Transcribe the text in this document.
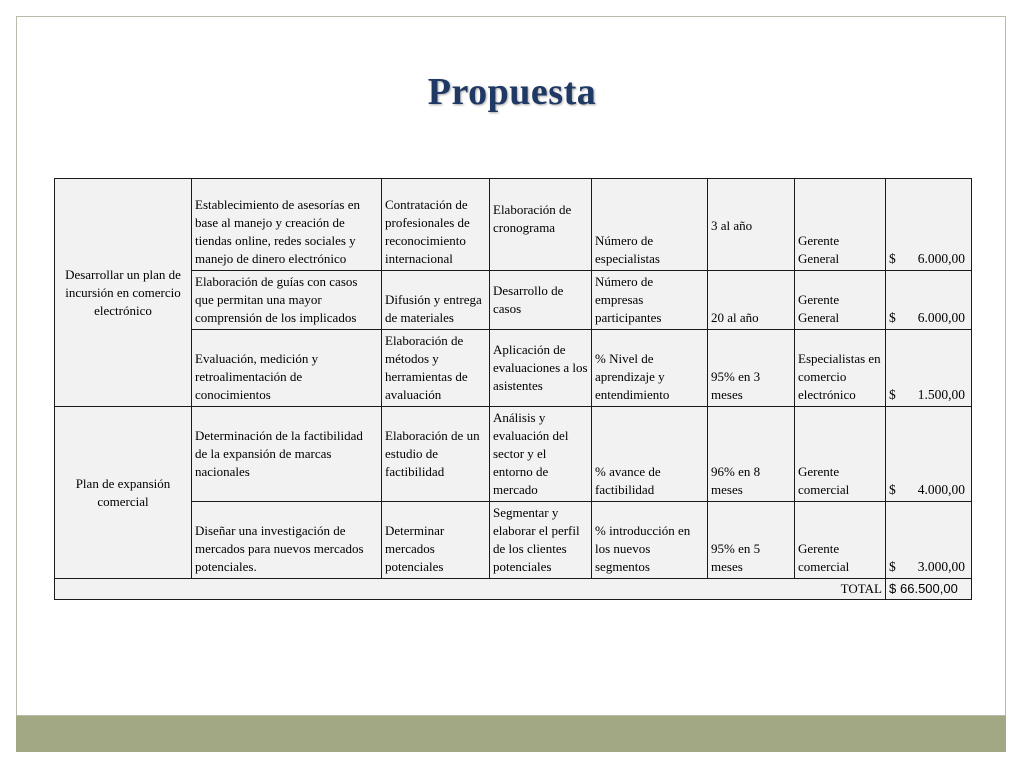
Propuesta
Desarrollar un plan de incursión en comercio electrónico	Establecimiento de asesorías en base al manejo y creación de tiendas online, redes sociales y manejo de dinero electrónico	Contratación de profesionales de reconocimiento internacional	Elaboración de cronograma	Número de especialistas	3 al año	Gerente General	$ 6.000,00
	Elaboración de guías con casos que permitan una mayor comprensión de los implicados	Difusión y entrega de materiales	Desarrollo de casos	Número de empresas participantes	20 al año	Gerente General	$ 6.000,00
	Evaluación, medición y retroalimentación de conocimientos	Elaboración de métodos y herramientas de avaluación	Aplicación de evaluaciones a los asistentes	% Nivel de aprendizaje y entendimiento	95% en 3 meses	Especialistas en comercio electrónico	$ 1.500,00
Plan de expansión comercial	Determinación de la factibilidad de la expansión de marcas nacionales	Elaboración de un estudio de factibilidad	Análisis y evaluación del sector y el entorno de mercado	% avance de factibilidad	96% en 8 meses	Gerente comercial	$ 4.000,00
	Diseñar una investigación de mercados para nuevos mercados potenciales.	Determinar mercados potenciales	Segmentar y elaborar el perfil de los clientes potenciales	% introducción en los nuevos segmentos	95% en 5 meses	Gerente comercial	$ 3.000,00
TOTAL							$ 66.500,00
